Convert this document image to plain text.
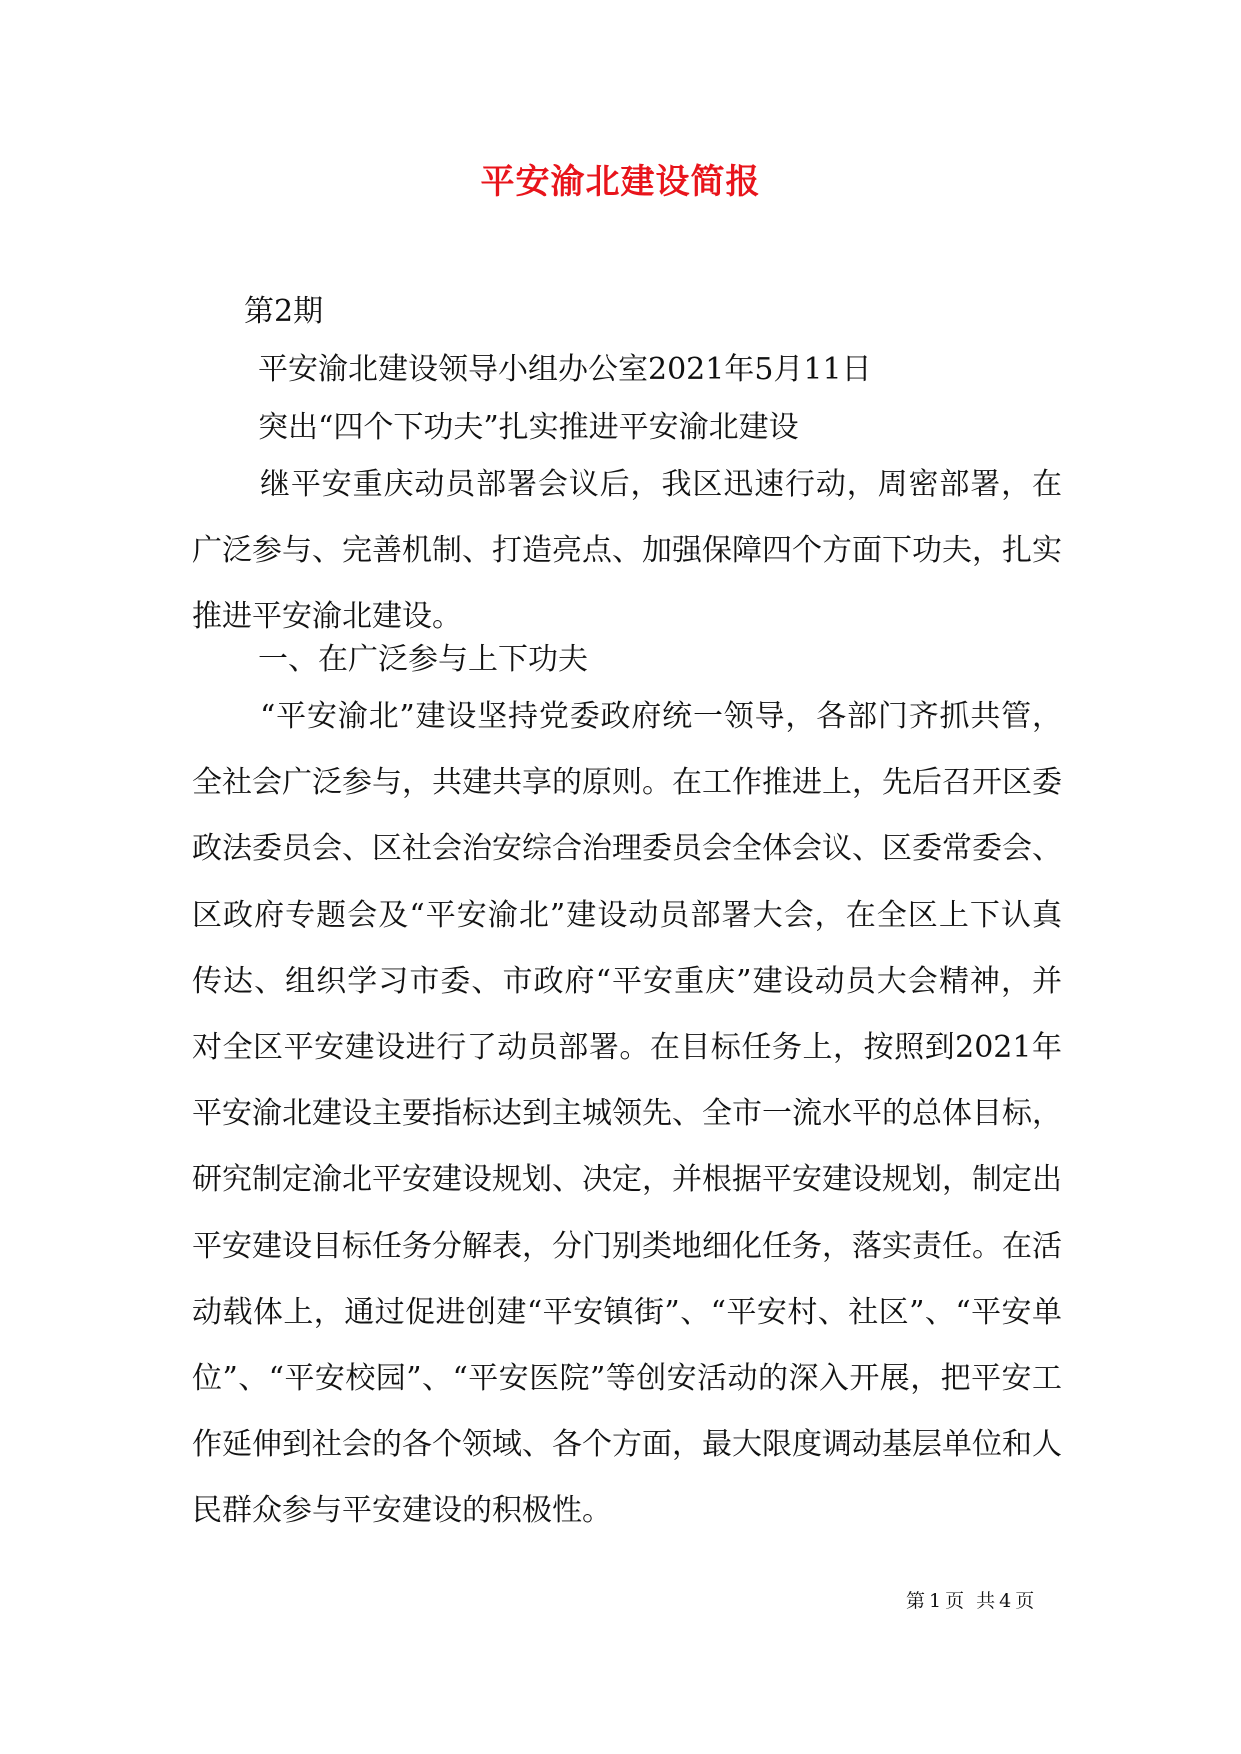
平安渝北建设简报

第2期

平安渝北建设领导小组办公室2021年5月11日

突出“四个下功夫”扎实推进平安渝北建设

继平安重庆动员部署会议后，我区迅速行动，周密部署，在广泛参与、完善机制、打造亮点、加强保障四个方面下功夫，扎实推进平安渝北建设。

一、在广泛参与上下功夫

“平安渝北”建设坚持党委政府统一领导，各部门齐抓共管，全社会广泛参与，共建共享的原则。在工作推进上，先后召开区委政法委员会、区社会治安综合治理委员会全体会议、区委常委会、区政府专题会及“平安渝北”建设动员部署大会，在全区上下认真传达、组织学习市委、市政府“平安重庆”建设动员大会精神，并对全区平安建设进行了动员部署。在目标任务上，按照到2021年平安渝北建设主要指标达到主城领先、全市一流水平的总体目标，研究制定渝北平安建设规划、决定，并根据平安建设规划，制定出平安建设目标任务分解表，分门别类地细化任务，落实责任。在活动载体上，通过促进创建“平安镇街”、“平安村、社区”、“平安单位”、“平安校园”、“平安医院”等创安活动的深入开展，把平安工作延伸到社会的各个领域、各个方面，最大限度调动基层单位和人民群众参与平安建设的积极性。

第 1 页 共 4 页
